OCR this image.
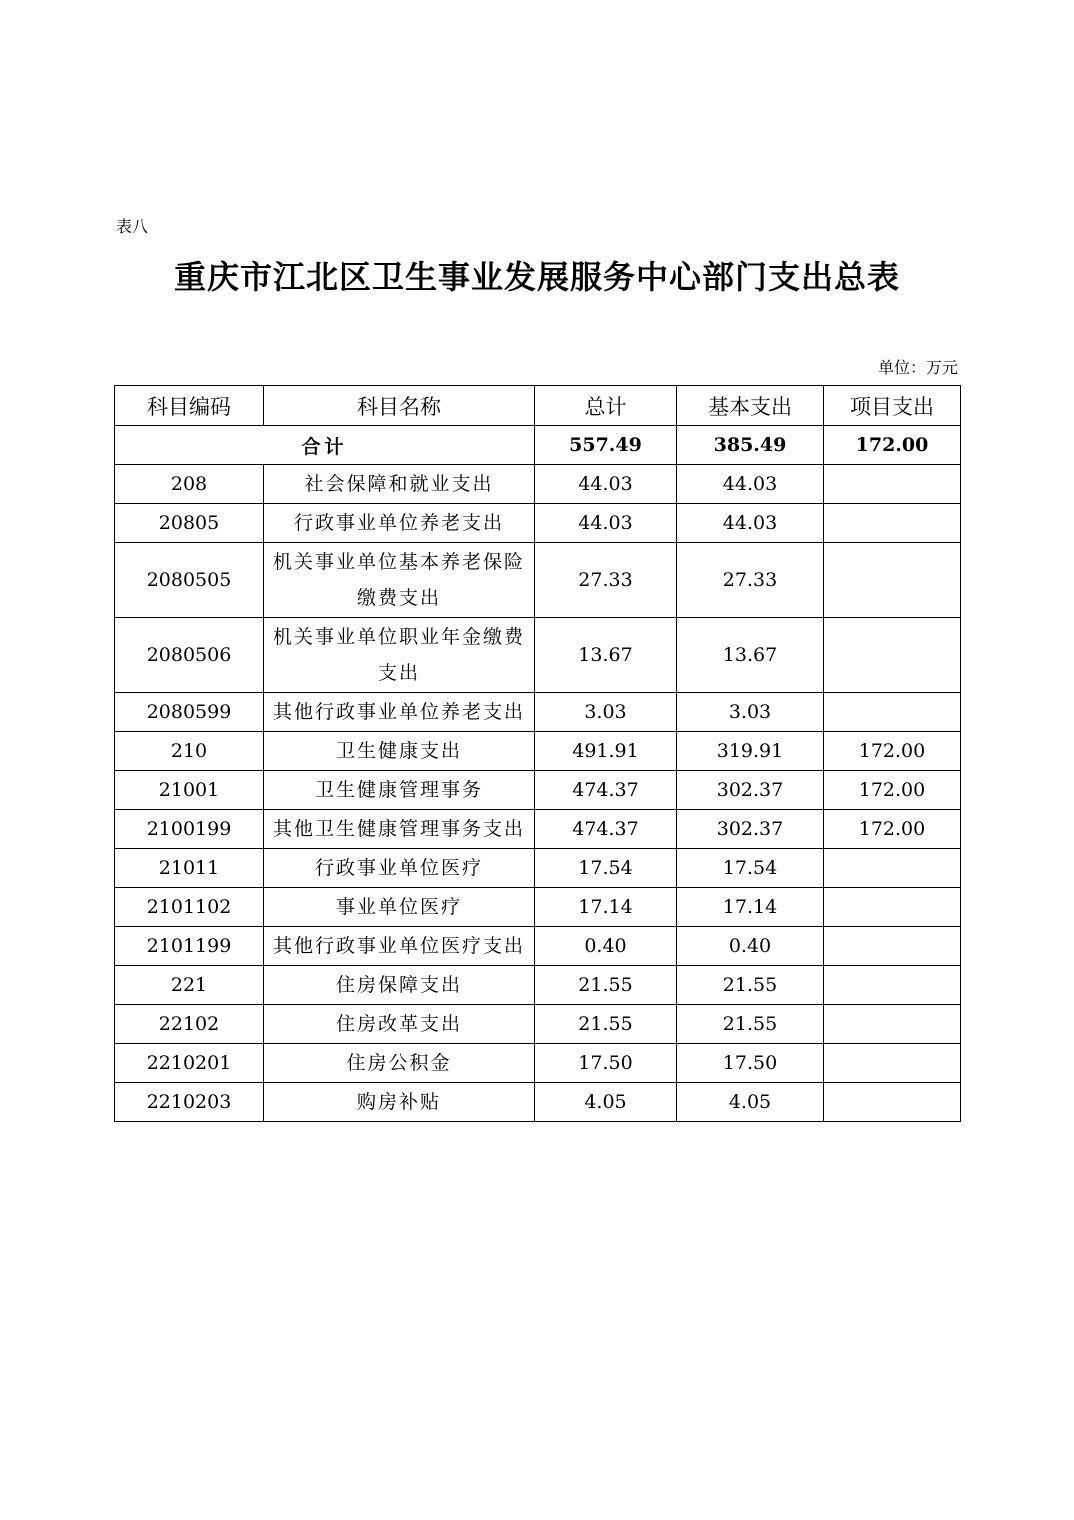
表八
重庆市江北区卫生事业发展服务中心部门支出总表
单位：万元
科目编码	科目名称	总计	基本支出	项目支出
合计		557.49	385.49	172.00
208	社会保障和就业支出	44.03	44.03	
20805	行政事业单位养老支出	44.03	44.03	
2080505	机关事业单位基本养老保险缴费支出	27.33	27.33	
2080506	机关事业单位职业年金缴费支出	13.67	13.67	
2080599	其他行政事业单位养老支出	3.03	3.03	
210	卫生健康支出	491.91	319.91	172.00
21001	卫生健康管理事务	474.37	302.37	172.00
2100199	其他卫生健康管理事务支出	474.37	302.37	172.00
21011	行政事业单位医疗	17.54	17.54	
2101102	事业单位医疗	17.14	17.14	
2101199	其他行政事业单位医疗支出	0.40	0.40	
221	住房保障支出	21.55	21.55	
22102	住房改革支出	21.55	21.55	
2210201	住房公积金	17.50	17.50	
2210203	购房补贴	4.05	4.05	
